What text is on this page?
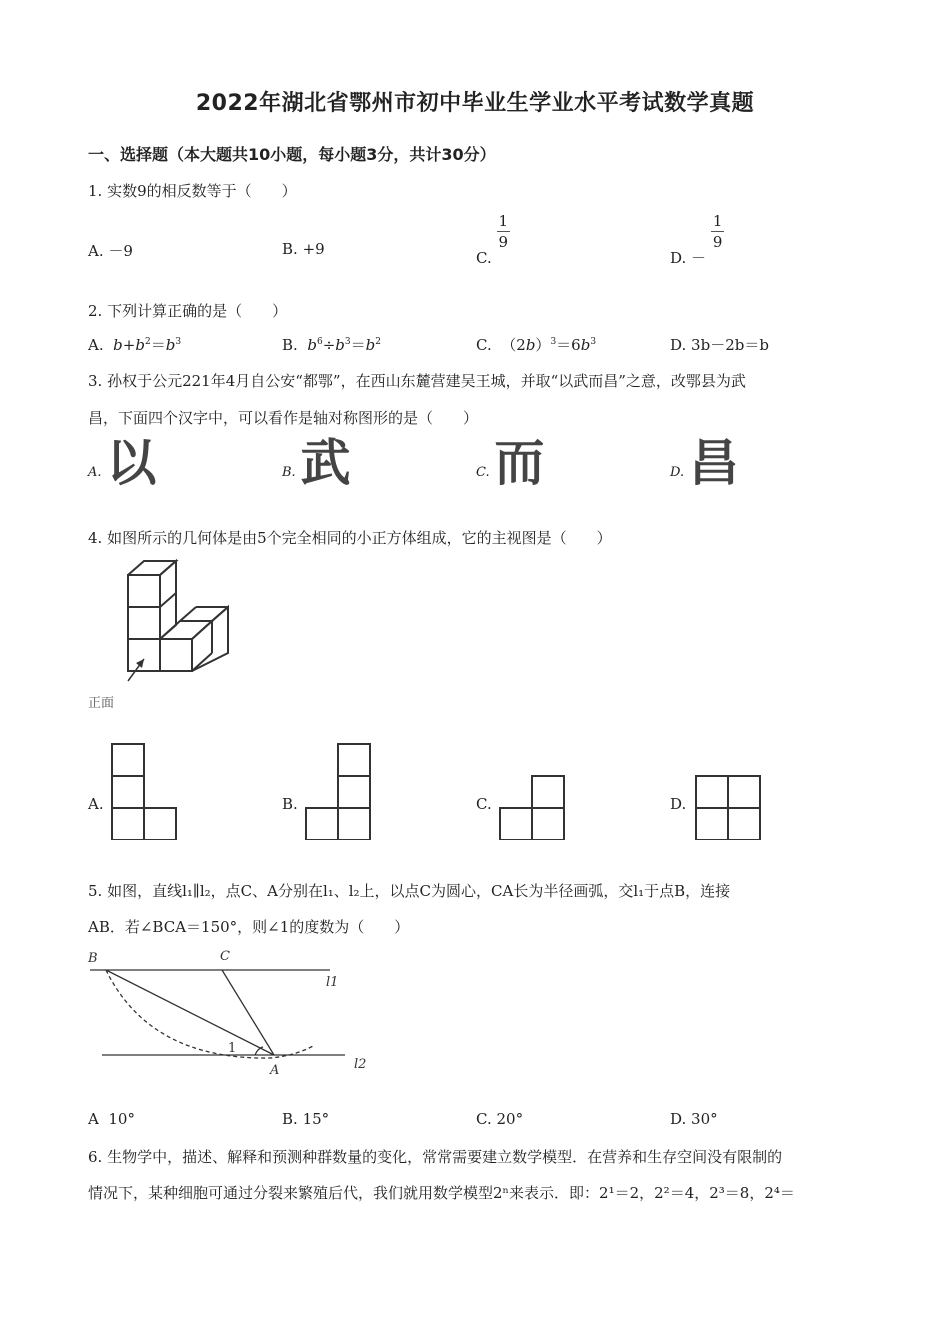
2022年湖北省鄂州市初中毕业生学业水平考试数学真题
一、选择题（本大题共10小题，每小题3分，共计30分）
1. 实数9的相反数等于（　　）
A. －9	B. +9	C.
$\frac{1}{9}$
D. －
$\frac{1}{9}$
2. 下列计算正确的是（　　）
A. $b+b^2=b^3$	B. $b^6\div b^3=b^2$	C.  $(2b)^3=6b^3$	D. 3b－2b＝b
3. 孙权于公元221年4月自公安“都鄂”，在西山东麓营建吴王城，并取“以武而昌”之意，改鄂县为武
昌，下面四个汉字中，可以看作是轴对称图形的是（　　）
A. 以	B. 武	C. 而	D. 昌
4. 如图所示的几何体是由5个完全相同的小正方体组成，它的主视图是（　　）
正面
A.	B.	C.	D.
5. 如图，直线l₁∥l₂，点C、A分别在l₁、l₂上，以点C为圆心，CA长为半径画弧，交l₁于点B，连接
AB．若∠BCA＝150°，则∠1的度数为（　　）
B	C
A
1
l1
l2
A 10°	B. 15°	C. 20°	D. 30°
6. 生物学中，描述、解释和预测种群数量的变化，常常需要建立数学模型．在营养和生存空间没有限制的
情况下，某种细胞可通过分裂来繁殖后代，我们就用数学模型2ⁿ来表示．即：2¹＝2，2²＝4，2³＝8，2⁴＝
